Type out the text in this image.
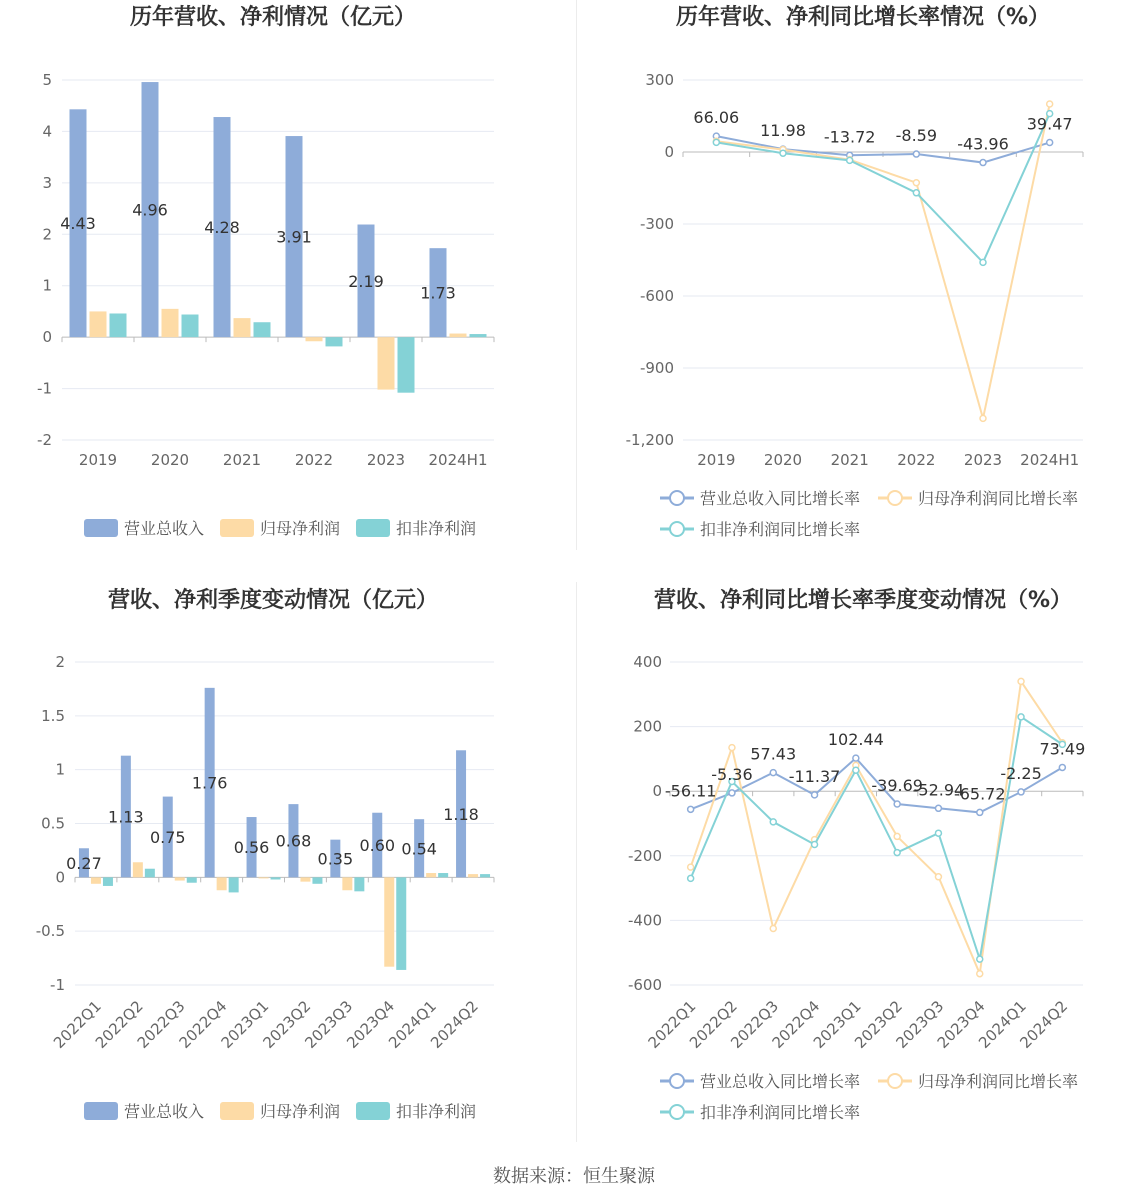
历年营收、净利情况（亿元）
5
4
3
2
1
0
-1
-2
2019 2020 2021 2022 2023 2024H1
4.43
4.96
4.28
3.91
2.19
1.73
营业总收入	归母净利润	扣非净利润
历年营收、净利同比增长率情况（%）
300
0
-300
-600
-900
-1,200
2019 2020 2021 2022 2023 2024H1
66.06
11.98 -13.72 -8.59 -43.96
39.47
营业总收入同比增长率	归母净利润同比增长率
扣非净利润同比增长率
营收、净利季度变动情况（亿元）
2
1.5
1
0.5
0
-0.5
-1
2022Q1
2022Q2
2022Q3
2022Q4
2023Q1
2023Q2
2023Q3
2023Q4
2024Q1
2024Q2
0.27
1.13
0.75
1.76
0.56 0.68
0.35
0.60 0.54
1.18
营业总收入	归母净利润	扣非净利润
营收、净利同比增长率季度变动情况（%）
400
200
0
-200
-400
-600
2022Q1
2022Q2
2022Q3
2022Q4
2023Q1
2023Q2
2023Q3
2023Q4
2024Q1
2024Q2
-56.11
-5.36
57.43
-11.37
102.44
-39.69
-52.94
-65.72
-2.25
73.49
营业总收入同比增长率	归母净利润同比增长率
扣非净利润同比增长率
数据来源：恒生聚源
